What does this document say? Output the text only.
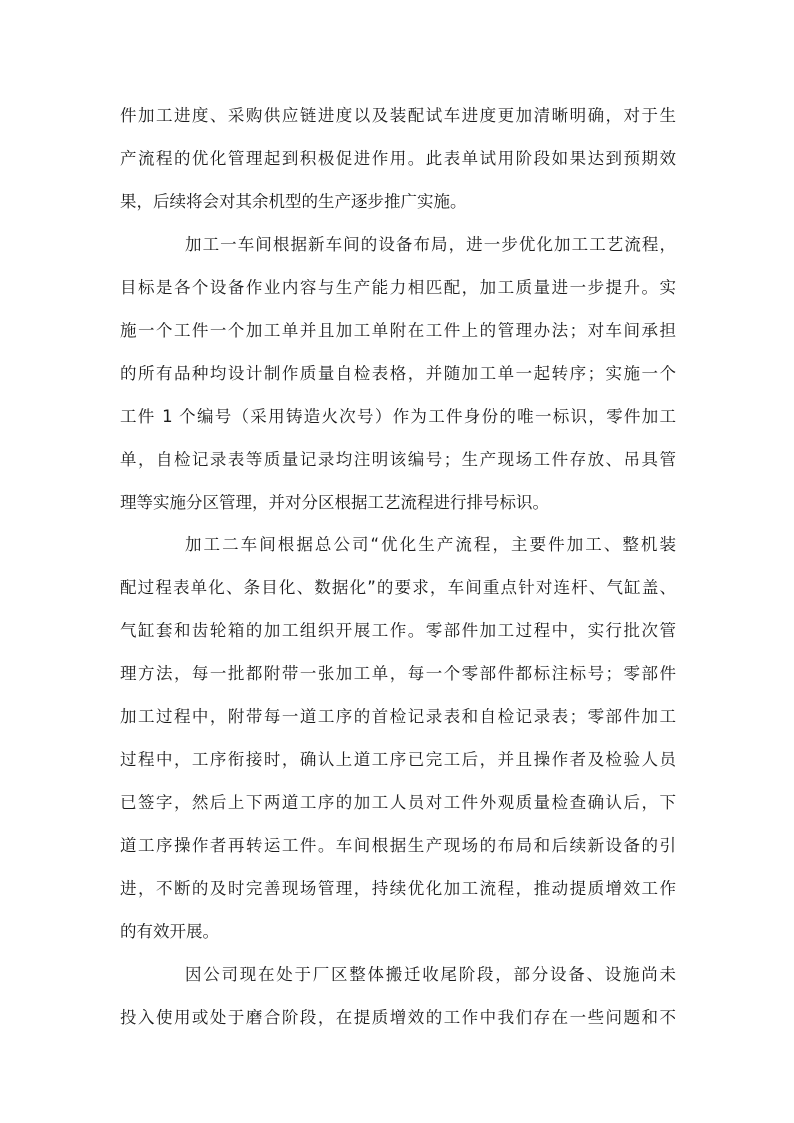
件加工进度、采购供应链进度以及装配试车进度更加清晰明确，对于生
产流程的优化管理起到积极促进作用。此表单试用阶段如果达到预期效
果，后续将会对其余机型的生产逐步推广实施。
加工一车间根据新车间的设备布局，进一步优化加工工艺流程，
目标是各个设备作业内容与生产能力相匹配，加工质量进一步提升。实
施一个工件一个加工单并且加工单附在工件上的管理办法；对车间承担
的所有品种均设计制作质量自检表格，并随加工单一起转序；实施一个
工件 1 个编号（采用铸造火次号）作为工件身份的唯一标识，零件加工
单，自检记录表等质量记录均注明该编号；生产现场工件存放、吊具管
理等实施分区管理，并对分区根据工艺流程进行排号标识。
加工二车间根据总公司“优化生产流程，主要件加工、整机装
配过程表单化、条目化、数据化”的要求，车间重点针对连杆、气缸盖、
气缸套和齿轮箱的加工组织开展工作。零部件加工过程中，实行批次管
理方法，每一批都附带一张加工单，每一个零部件都标注标号；零部件
加工过程中，附带每一道工序的首检记录表和自检记录表；零部件加工
过程中，工序衔接时，确认上道工序已完工后，并且操作者及检验人员
已签字，然后上下两道工序的加工人员对工件外观质量检查确认后，下
道工序操作者再转运工件。车间根据生产现场的布局和后续新设备的引
进，不断的及时完善现场管理，持续优化加工流程，推动提质增效工作
的有效开展。
因公司现在处于厂区整体搬迁收尾阶段，部分设备、设施尚未
投入使用或处于磨合阶段，在提质增效的工作中我们存在一些问题和不
